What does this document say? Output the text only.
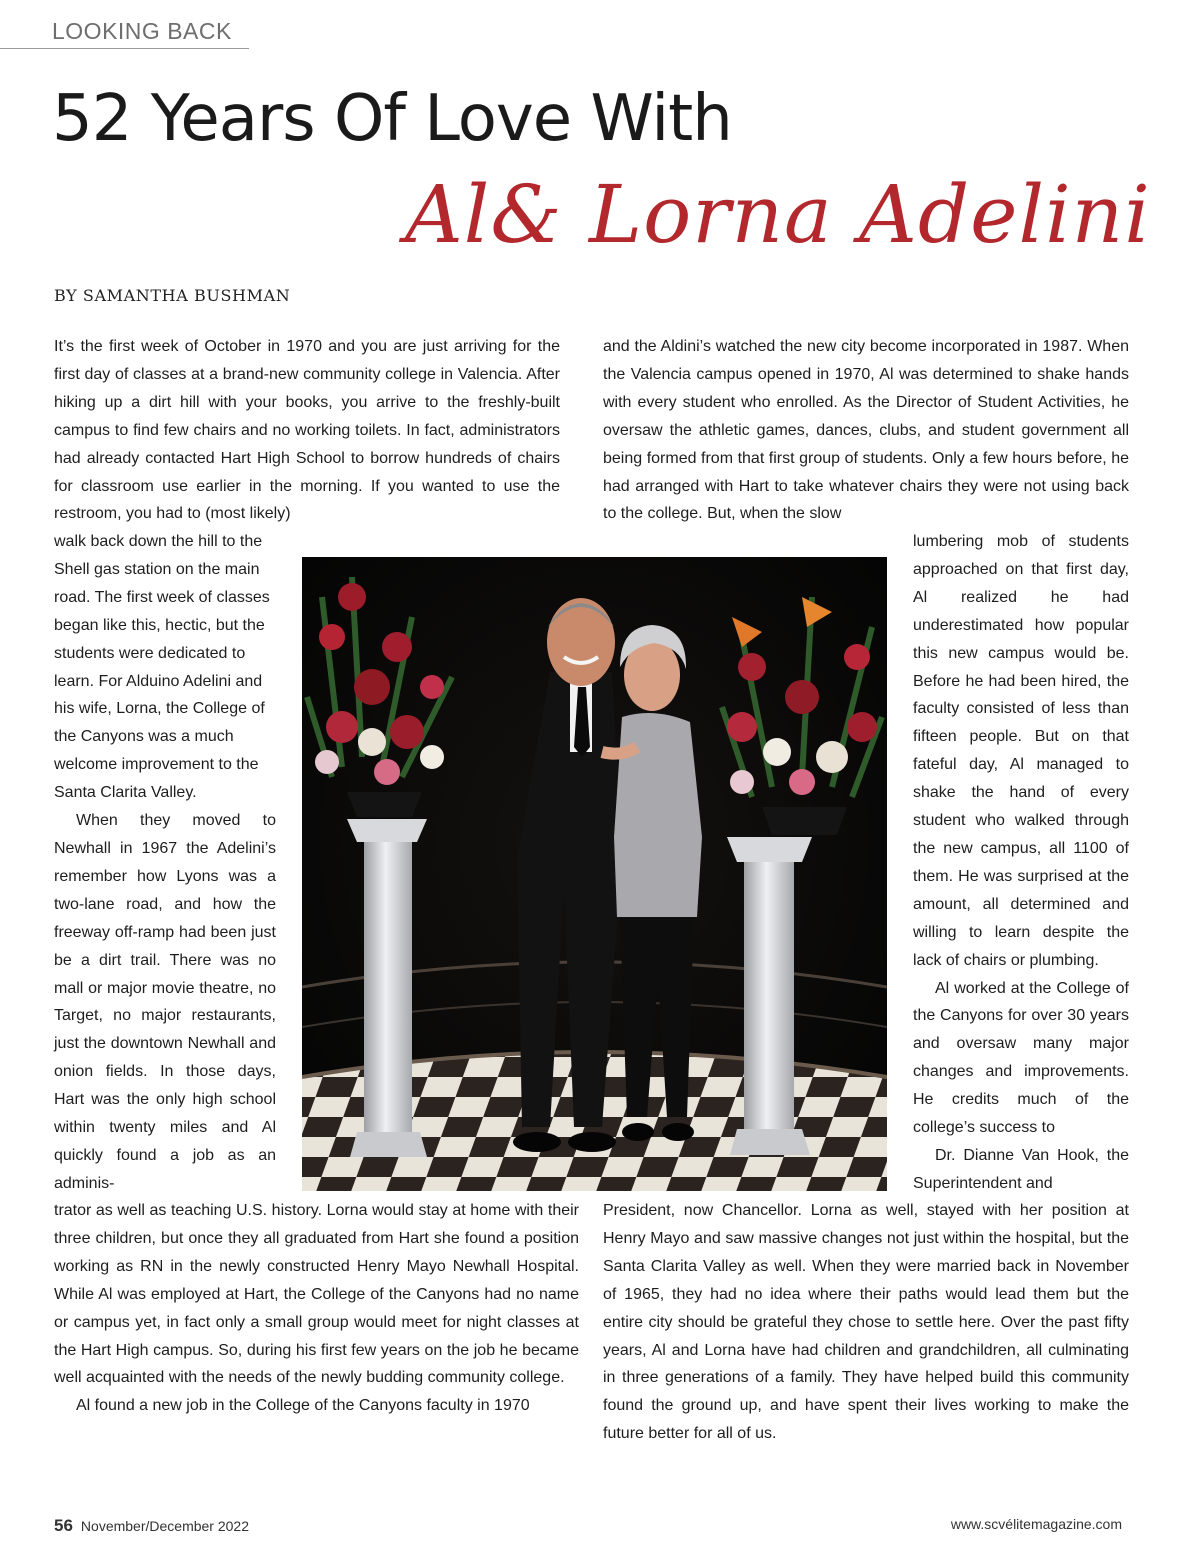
LOOKING BACK
52 Years Of Love With
Al& Lorna Adelini
BY SAMANTHA BUSHMAN

It’s the first week of October in 1970 and you are just arriving for the first day of classes at a brand-new community college in Valencia. After hiking up a dirt hill with your books, you arrive to the freshly-built campus to find few chairs and no working toilets. In fact, administrators had already contacted Hart High School to borrow hundreds of chairs for classroom use earlier in the morning. If you wanted to use the restroom, you had to (most likely)

walk back down the hill to the Shell gas station on the main road. The first week of classes began like this, hectic, but the students were dedicated to learn. For Alduino Adelini and his wife, Lorna, the College of the Canyons was a much welcome improvement to the Santa Clarita Valley.

When they moved to Newhall in 1967 the Adelini’s remember how Lyons was a two-lane road, and how the freeway off-ramp had been just be a dirt trail. There was no mall or major movie theatre, no Target, no major restaurants, just the downtown Newhall and onion fields. In those days, Hart was the only high school within twenty miles and Al quickly found a job as an adminis-

trator as well as teaching U.S. history. Lorna would stay at home with their three children, but once they all graduated from Hart she found a position working as RN in the newly constructed Henry Mayo Newhall Hospital. While Al was employed at Hart, the College of the Canyons had no name or campus yet, in fact only a small group would meet for night classes at the Hart High campus. So, during his first few years on the job he became well acquainted with the needs of the newly budding community college.

Al found a new job in the College of the Canyons faculty in 1970

and the Aldini’s watched the new city become incorporated in 1987. When the Valencia campus opened in 1970, Al was determined to shake hands with every student who enrolled. As the Director of Student Activities, he oversaw the athletic games, dances, clubs, and student government all being formed from that first group of students. Only a few hours before, he had arranged with Hart to take whatever chairs they were not using back to the college. But, when the slow

lumbering mob of students approached on that first day, Al realized he had underestimated how popular this new campus would be. Before he had been hired, the faculty consisted of less than fifteen people. But on that fateful day, Al managed to shake the hand of every student who walked through the new campus, all 1100 of them. He was surprised at the amount, all determined and willing to learn despite the lack of chairs or plumbing.

Al worked at the College of the Canyons for over 30 years and oversaw many major changes and improvements. He credits much of the college’s success to

Dr. Dianne Van Hook, the Superintendent and

President, now Chancellor. Lorna as well, stayed with her position at Henry Mayo and saw massive changes not just within the hospital, but the Santa Clarita Valley as well. When they were married back in November of 1965, they had no idea where their paths would lead them but the entire city should be grateful they chose to settle here. Over the past fifty years, Al and Lorna have had children and grandchildren, all culminating in three generations of a family. They have helped build this community found the ground up, and have spent their lives working to make the future better for all of us.

56 November/December 2022	www.scvélitemagazine.com
